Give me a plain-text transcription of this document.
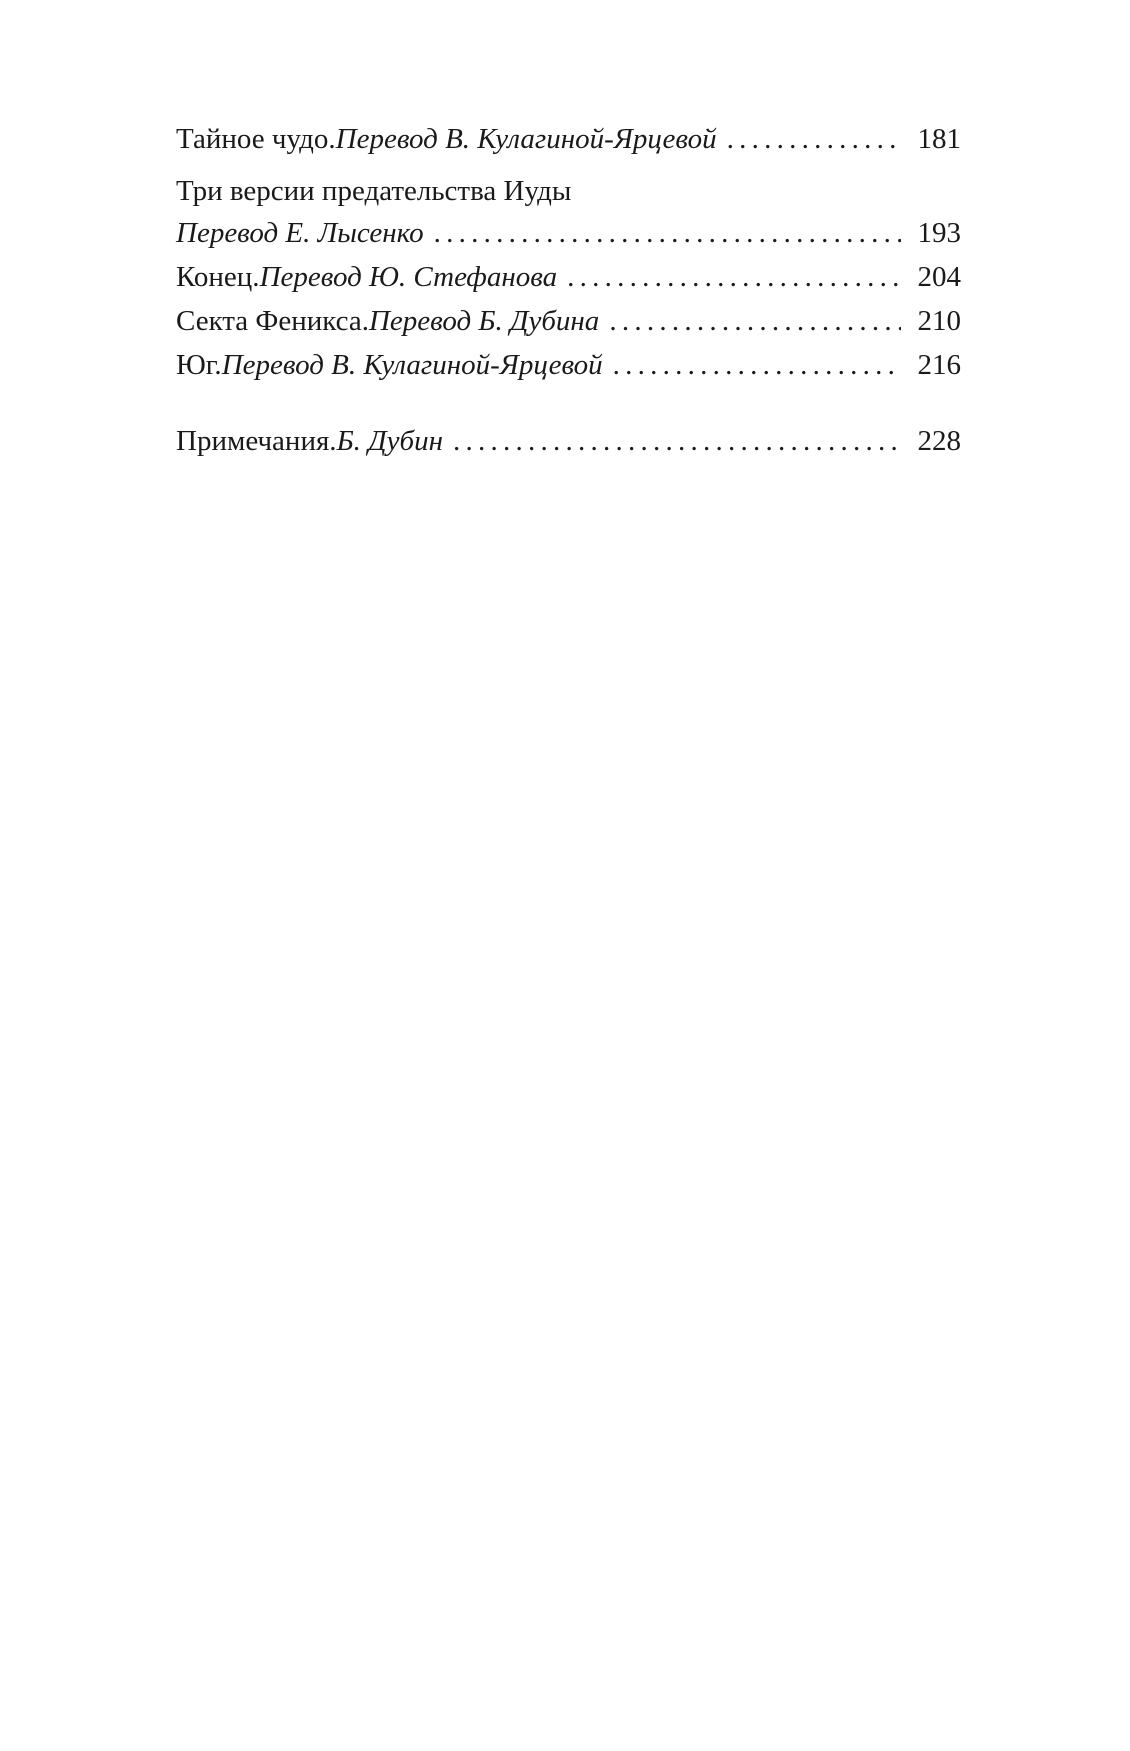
Тайное чудо. Перевод В. Кулагиной-Ярцевой . . .	181
Три версии предательства Иуды
Перевод Е. Лысенко . . .	193
Конец. Перевод Ю. Стефанова . . .	204
Секта Феникса. Перевод Б. Дубина . . .	210
Юг. Перевод В. Кулагиной-Ярцевой . . .	216
Примечания. Б. Дубин . . .	228
